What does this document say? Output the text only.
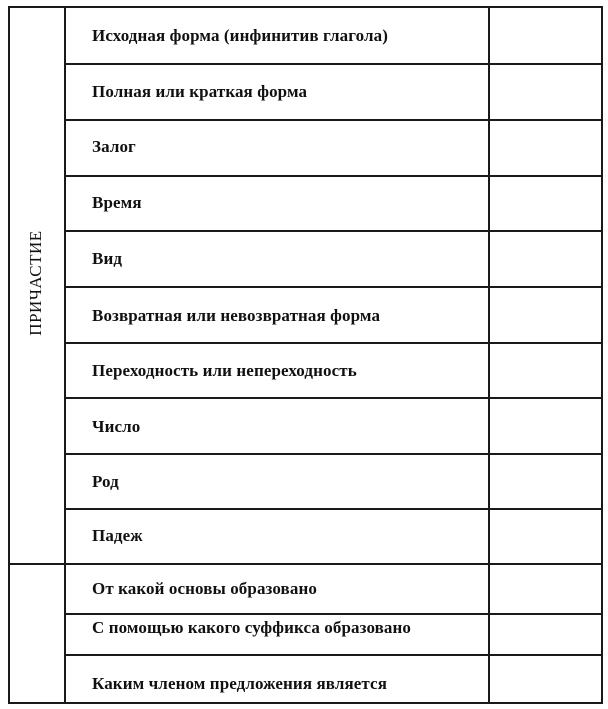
ПРИЧАСТИЕ
Исходная форма (инфинитив глагола)
Полная или краткая форма
Залог
Время
Вид
Возвратная или невозвратная форма
Переходность или непереходность
Число
Род
Падеж
От какой основы образовано
С помощью какого суффикса образовано
Каким членом предложения является
